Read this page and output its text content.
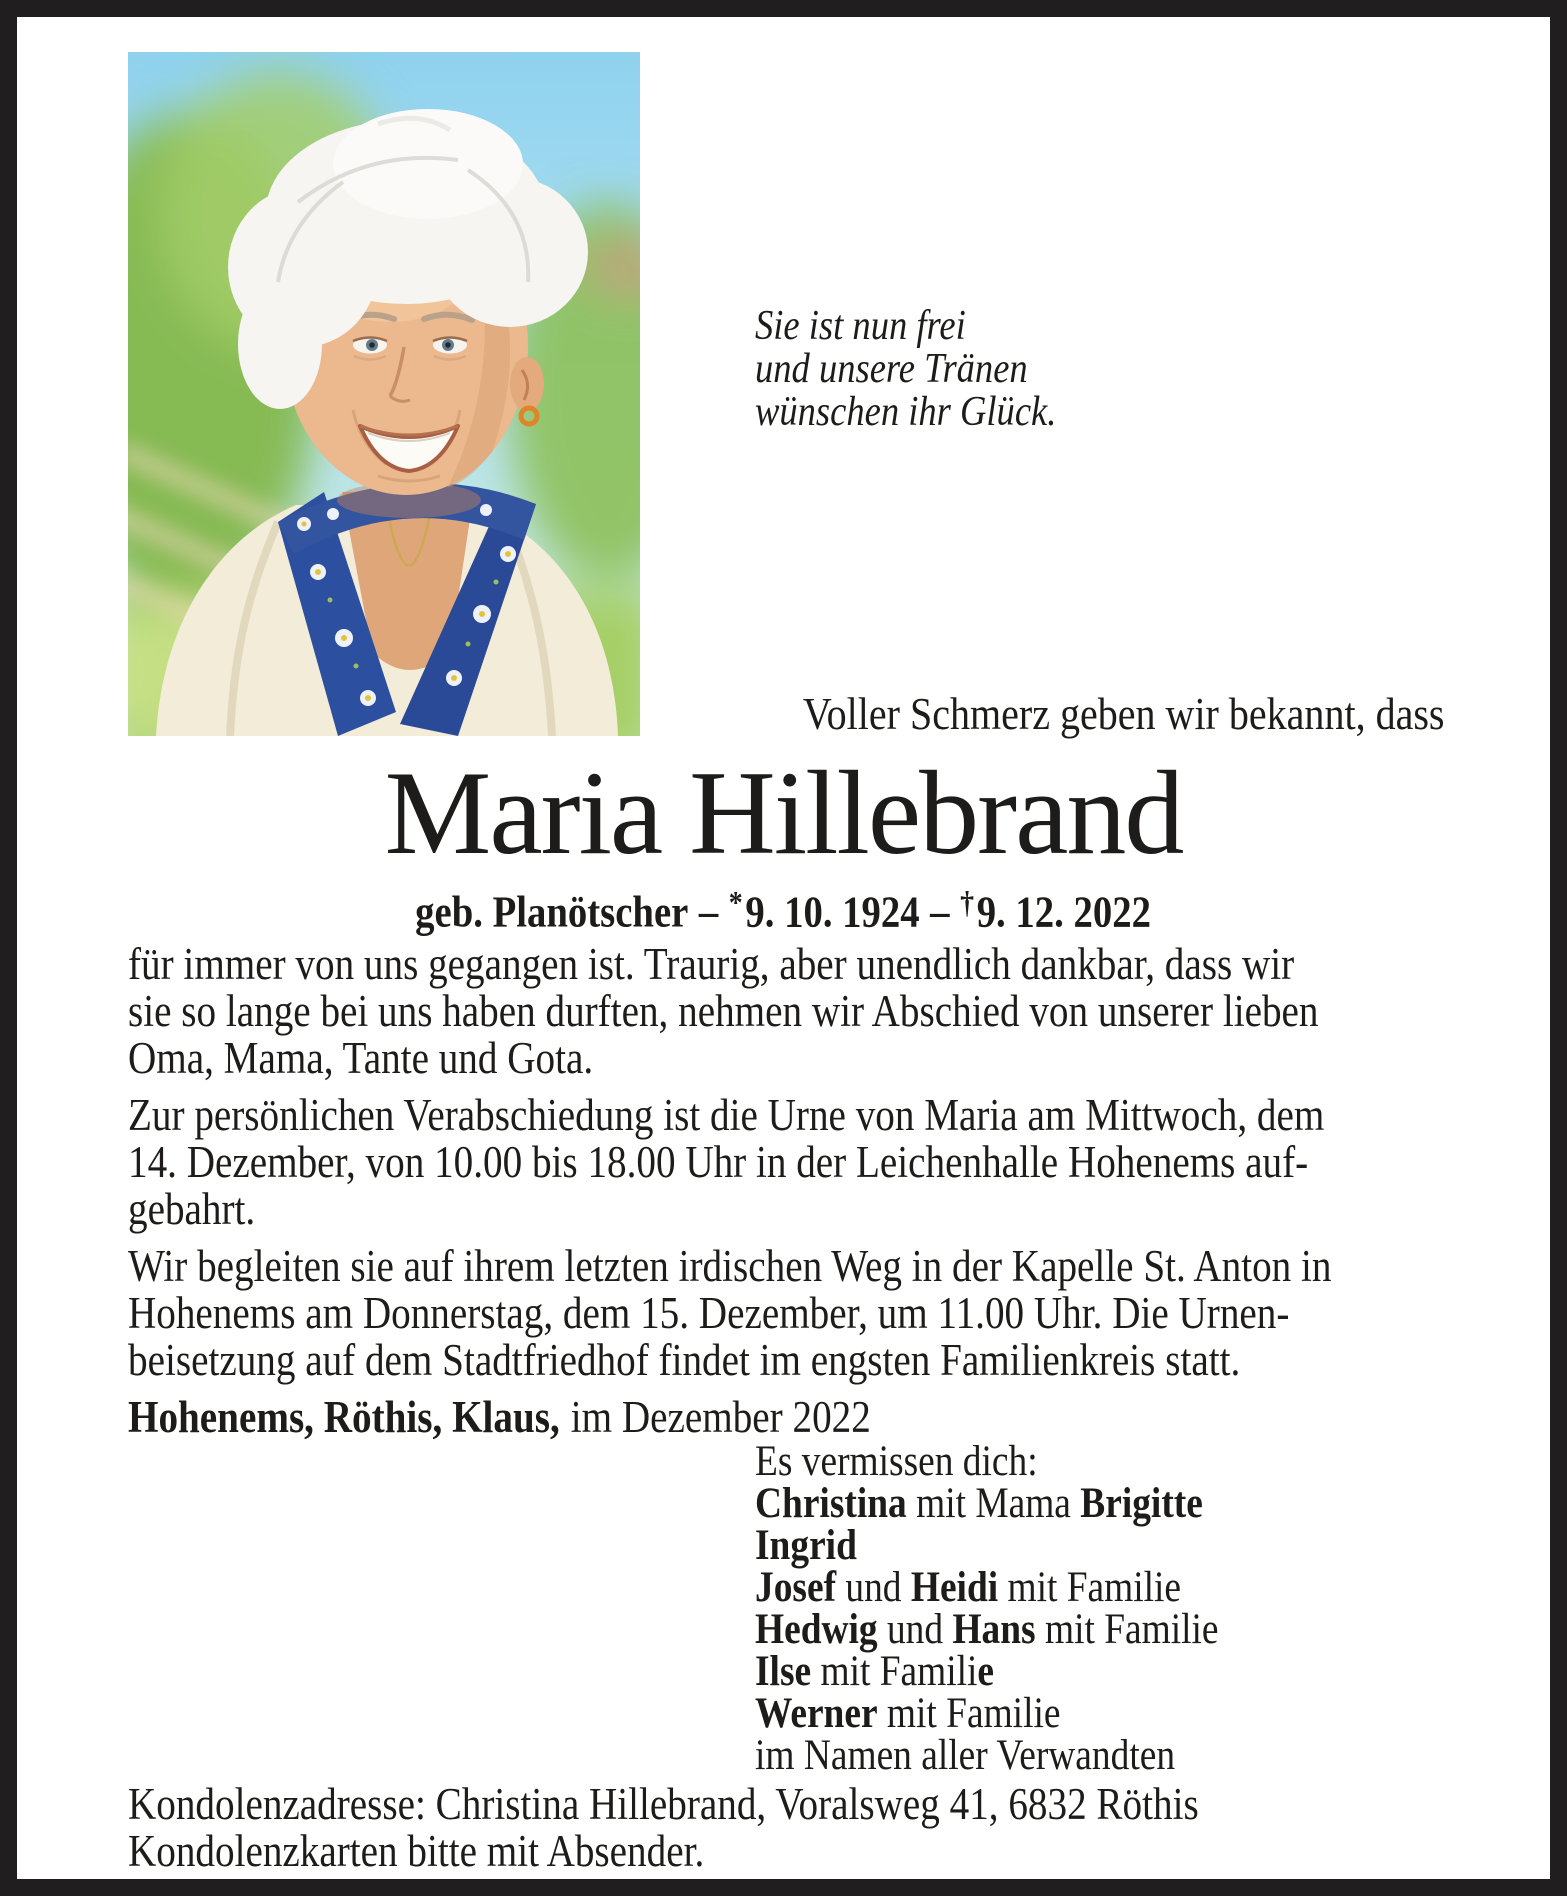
Sie ist nun frei
und unsere Tränen
wünschen ihr Glück.
Voller Schmerz geben wir bekannt, dass
Maria Hillebrand
geb. Planötscher – *9. 10. 1924 – †9. 12. 2022
für immer von uns gegangen ist. Traurig, aber unendlich dankbar, dass wir
sie so lange bei uns haben durften, nehmen wir Abschied von unserer lieben
Oma, Mama, Tante und Gota.
Zur persönlichen Verabschiedung ist die Urne von Maria am Mittwoch, dem
14. Dezember, von 10.00 bis 18.00 Uhr in der Leichenhalle Hohenems auf-
gebahrt.
Wir begleiten sie auf ihrem letzten irdischen Weg in der Kapelle St. Anton in
Hohenems am Donnerstag, dem 15. Dezember, um 11.00 Uhr. Die Urnen-
beisetzung auf dem Stadtfriedhof findet im engsten Familienkreis statt.
Hohenems, Röthis, Klaus, im Dezember 2022
Es vermissen dich:
Christina mit Mama Brigitte
Ingrid
Josef und Heidi mit Familie
Hedwig und Hans mit Familie
Ilse mit Familie
Werner mit Familie
im Namen aller Verwandten
Kondolenzadresse: Christina Hillebrand, Voralsweg 41, 6832 Röthis
Kondolenzkarten bitte mit Absender.
